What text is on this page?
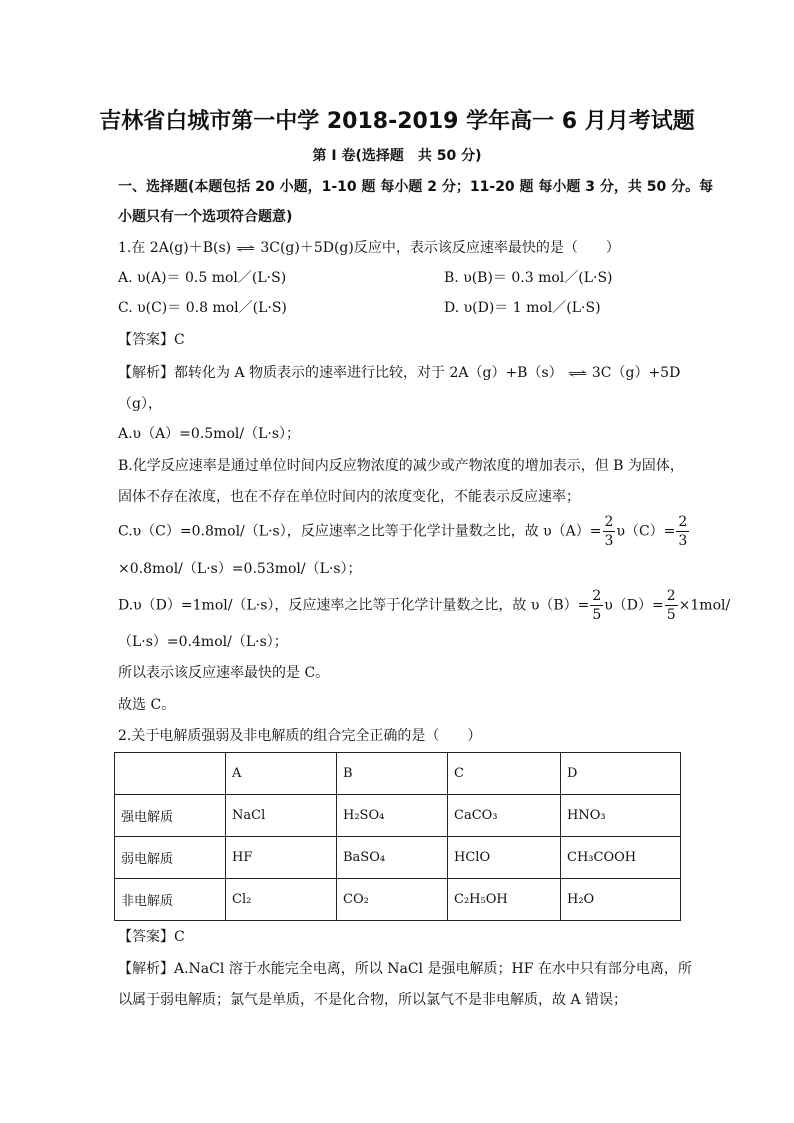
吉林省白城市第一中学 2018-2019 学年高一 6 月月考试题
第 I 卷(选择题　共 50 分)
一、选择题(本题包括 20 小题，1-10 题 每小题 2 分；11-20 题 每小题 3 分，共 50 分。每
小题只有一个选项符合题意)
1.在 2A(g)＋B(s) ⇌ 3C(g)＋5D(g)反应中，表示该反应速率最快的是（　　）
A. υ(A)＝ 0.5 mol／(L·S)	B. υ(B)＝ 0.3 mol／(L·S)
C. υ(C)＝ 0.8 mol／(L·S)	D. υ(D)＝ 1 mol／(L·S)
【答案】C
【解析】都转化为 A 物质表示的速率进行比较，对于 2A（g）+B（s） ⇌ 3C（g）+5D
（g），
A.υ（A）=0.5mol/（L·s）；
B.化学反应速率是通过单位时间内反应物浓度的减少或产物浓度的增加表示，但 B 为固体，
固体不存在浓度，也在不存在单位时间内的浓度变化，不能表示反应速率；
C.υ（C）=0.8mol/（L·s），反应速率之比等于化学计量数之比，故 $\upsilon(A)= \frac{2}{3} \upsilon(C)= \frac{2}{3}$
×0.8mol/（L·s）=0.53mol/（L·s）；
D.υ（D）=1mol/（L·s），反应速率之比等于化学计量数之比，故 $\upsilon(B)= \frac{2}{5} \upsilon(D)= \frac{2}{5} \times 1mol/$
（L·s）=0.4mol/（L·s）；
所以表示该反应速率最快的是 C。
故选 C。
2.关于电解质强弱及非电解质的组合完全正确的是（　　）
	A	B	C	D
强电解质	NaCl	H₂SO₄	CaCO₃	HNO₃
弱电解质	HF	BaSO₄	HClO	CH₃COOH
非电解质	Cl₂	CO₂	C₂H₅OH	H₂O
【答案】C
【解析】A.NaCl 溶于水能完全电离，所以 NaCl 是强电解质；HF 在水中只有部分电离，所
以属于弱电解质；氯气是单质，不是化合物，所以氯气不是非电解质，故 A 错误；
